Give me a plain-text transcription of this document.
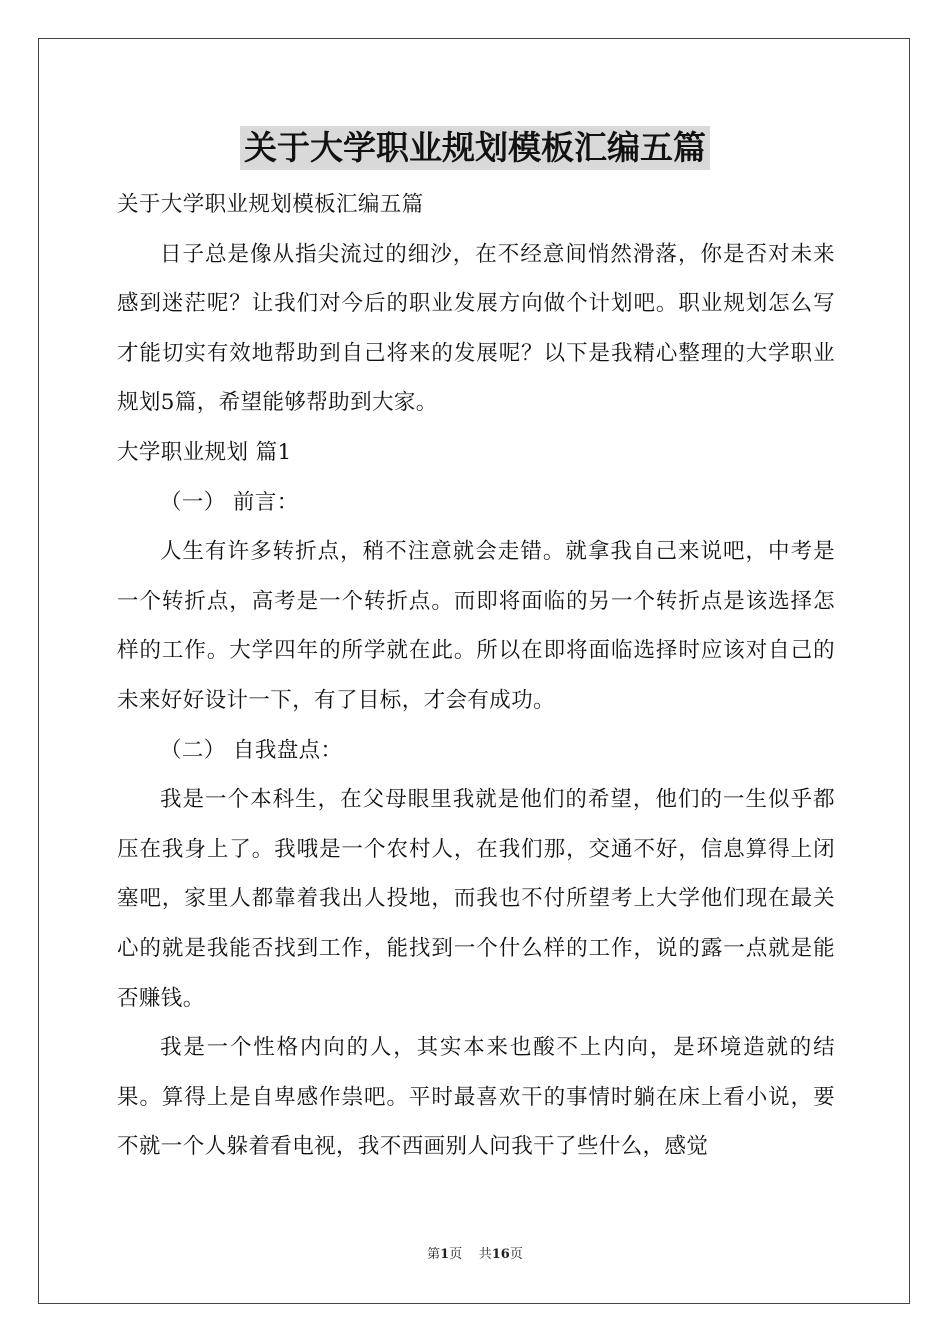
关于大学职业规划模板汇编五篇

关于大学职业规划模板汇编五篇

日子总是像从指尖流过的细沙，在不经意间悄然滑落，你是否对未来感到迷茫呢？让我们对今后的职业发展方向做个计划吧。职业规划怎么写才能切实有效地帮助到自己将来的发展呢？以下是我精心整理的大学职业规划5篇，希望能够帮助到大家。

大学职业规划 篇1

（一） 前言：

人生有许多转折点，稍不注意就会走错。就拿我自己来说吧，中考是一个转折点，高考是一个转折点。而即将面临的另一个转折点是该选择怎样的工作。大学四年的所学就在此。所以在即将面临选择时应该对自己的未来好好设计一下，有了目标，才会有成功。

（二） 自我盘点：

我是一个本科生，在父母眼里我就是他们的希望，他们的一生似乎都压在我身上了。我哦是一个农村人，在我们那，交通不好，信息算得上闭塞吧，家里人都靠着我出人投地，而我也不付所望考上大学他们现在最关心的就是我能否找到工作，能找到一个什么样的工作，说的露一点就是能否赚钱。

我是一个性格内向的人，其实本来也酸不上内向，是环境造就的结果。算得上是自卑感作祟吧。平时最喜欢干的事情时躺在床上看小说，要不就一个人躲着看电视，我不西画别人问我干了些什么，感觉

第1页 共16页
